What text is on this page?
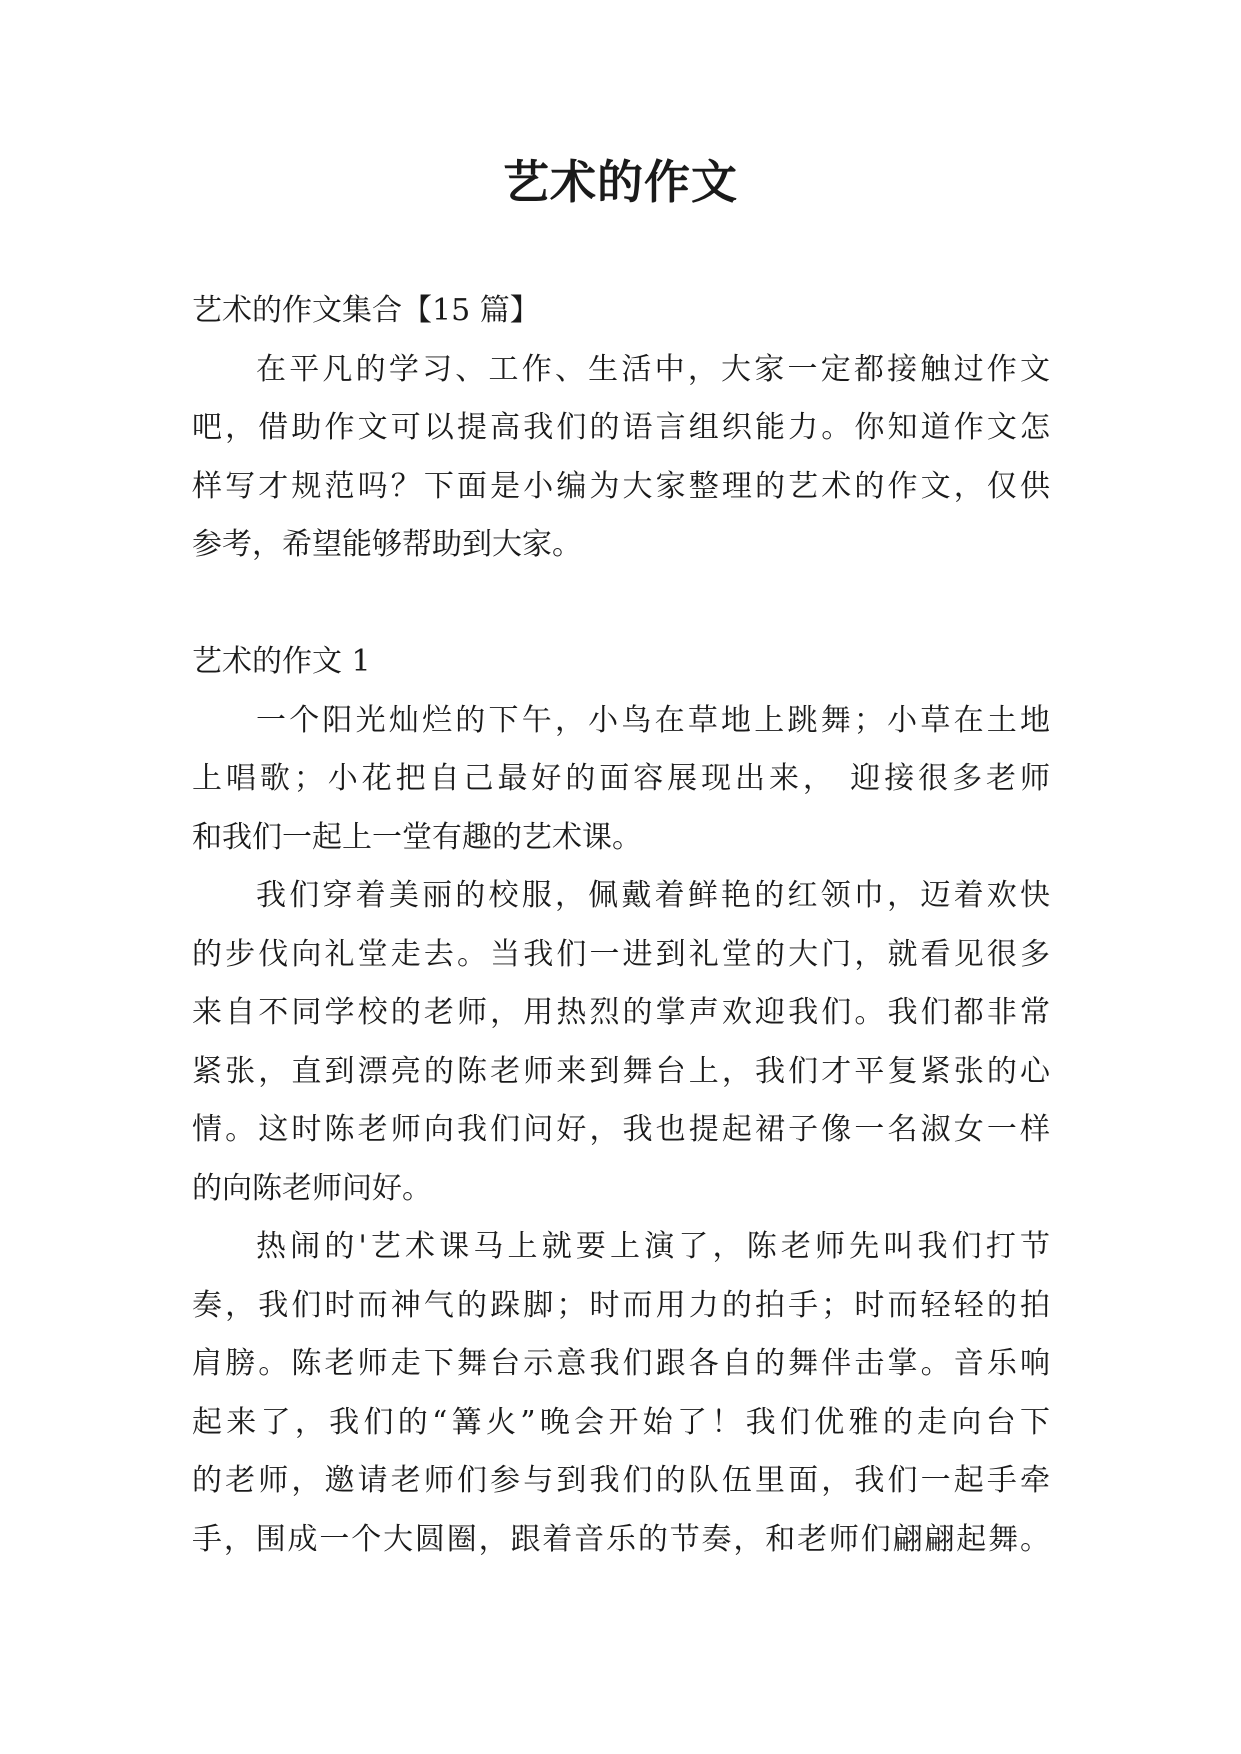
艺术的作文
艺术的作文集合【15 篇】
在平凡的学习、工作、生活中，大家一定都接触过作文
吧，借助作文可以提高我们的语言组织能力。你知道作文怎
样写才规范吗？下面是小编为大家整理的艺术的作文，仅供
参考，希望能够帮助到大家。
艺术的作文 1
一个阳光灿烂的下午，小鸟在草地上跳舞；小草在土地
上唱歌；小花把自己最好的面容展现出来， 迎接很多老师
和我们一起上一堂有趣的艺术课。
我们穿着美丽的校服，佩戴着鲜艳的红领巾，迈着欢快
的步伐向礼堂走去。当我们一进到礼堂的大门，就看见很多
来自不同学校的老师，用热烈的掌声欢迎我们。我们都非常
紧张，直到漂亮的陈老师来到舞台上，我们才平复紧张的心
情。这时陈老师向我们问好，我也提起裙子像一名淑女一样
的向陈老师问好。
热闹的'艺术课马上就要上演了，陈老师先叫我们打节
奏，我们时而神气的跺脚；时而用力的拍手；时而轻轻的拍
肩膀。陈老师走下舞台示意我们跟各自的舞伴击掌。音乐响
起来了，我们的“篝火”晚会开始了！我们优雅的走向台下
的老师，邀请老师们参与到我们的队伍里面，我们一起手牵
手，围成一个大圆圈，跟着音乐的节奏，和老师们翩翩起舞。
